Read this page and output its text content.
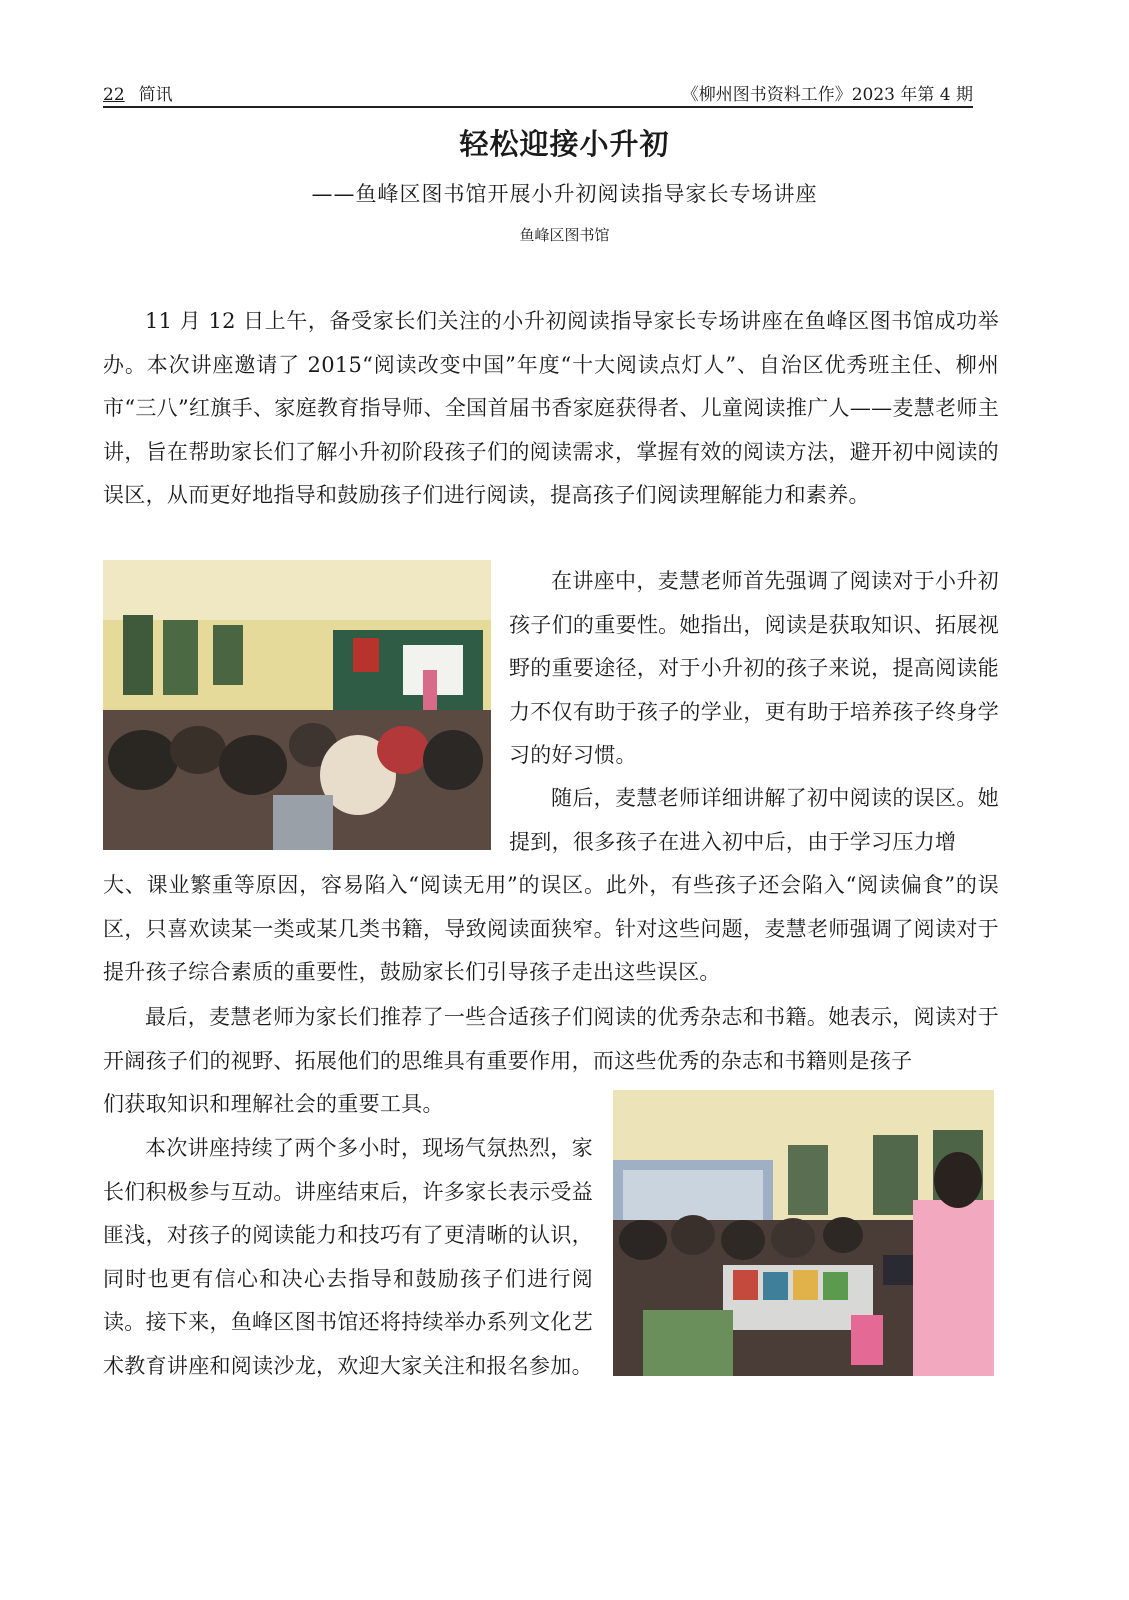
22 简讯	《柳州图书资料工作》2023 年第 4 期
轻松迎接小升初
——鱼峰区图书馆开展小升初阅读指导家长专场讲座
鱼峰区图书馆

11 月 12 日上午，备受家长们关注的小升初阅读指导家长专场讲座在鱼峰区图书馆成功举办。本次讲座邀请了 2015“阅读改变中国”年度“十大阅读点灯人”、自治区优秀班主任、柳州市“三八”红旗手、家庭教育指导师、全国首届书香家庭获得者、儿童阅读推广人——麦慧老师主讲，旨在帮助家长们了解小升初阶段孩子们的阅读需求，掌握有效的阅读方法，避开初中阅读的误区，从而更好地指导和鼓励孩子们进行阅读，提高孩子们阅读理解能力和素养。

在讲座中，麦慧老师首先强调了阅读对于小升初孩子们的重要性。她指出，阅读是获取知识、拓展视野的重要途径，对于小升初的孩子来说，提高阅读能力不仅有助于孩子的学业，更有助于培养孩子终身学习的好习惯。

随后，麦慧老师详细讲解了初中阅读的误区。她提到，很多孩子在进入初中后，由于学习压力增

大、课业繁重等原因，容易陷入“阅读无用”的误区。此外，有些孩子还会陷入“阅读偏食”的误区，只喜欢读某一类或某几类书籍，导致阅读面狭窄。针对这些问题，麦慧老师强调了阅读对于提升孩子综合素质的重要性，鼓励家长们引导孩子走出这些误区。

最后，麦慧老师为家长们推荐了一些合适孩子们阅读的优秀杂志和书籍。她表示，阅读对于开阔孩子们的视野、拓展他们的思维具有重要作用，而这些优秀的杂志和书籍则是孩子

们获取知识和理解社会的重要工具。

本次讲座持续了两个多小时，现场气氛热烈，家长们积极参与互动。讲座结束后，许多家长表示受益匪浅，对孩子的阅读能力和技巧有了更清晰的认识，同时也更有信心和决心去指导和鼓励孩子们进行阅读。接下来，鱼峰区图书馆还将持续举办系列文化艺术教育讲座和阅读沙龙，欢迎大家关注和报名参加。
